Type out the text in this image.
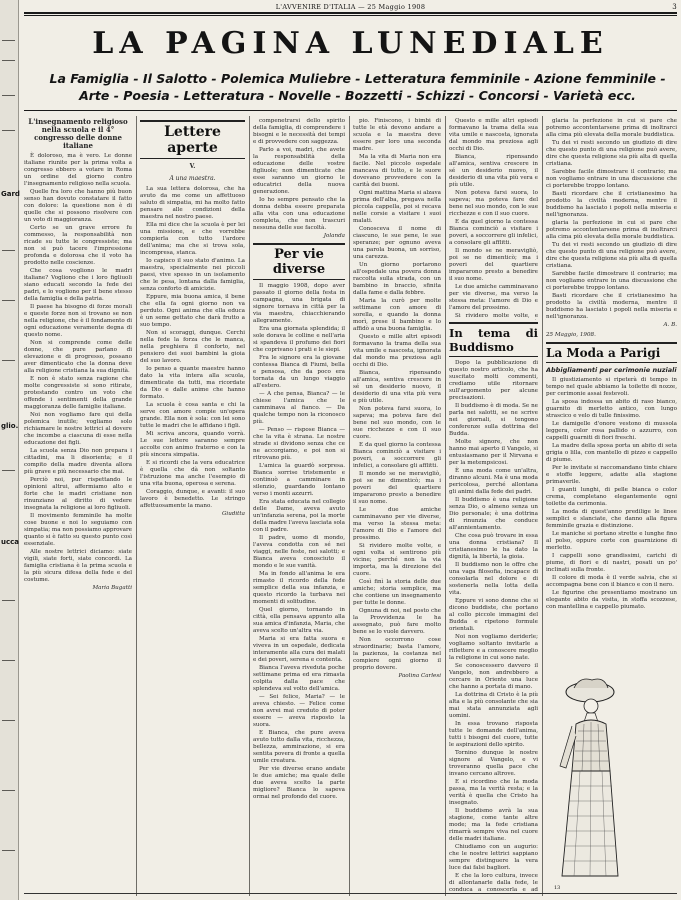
Gard
glio.
ucca
L'AVVENIRE D'ITALIA — 25 Maggio 1908	3
LA PAGINA LUNEDIALE
La Famiglia - Il Salotto - Polemica Muliebre - Letteratura femminile - Azione femminile - Arte - Poesia - Letteratura - Novelle - Bozzetti - Schizzi - Concorsi - Varietà ecc.

L'insegnamento religioso nella scuola e il 4° congresso delle donne italiane

È doloroso, ma è vero. Le donne italiane riunite per la prima volta a congresso ebbero a votare in Roma un ordine del giorno contro l'insegnamento religioso nella scuola.

Quelle fra loro che hanno più buon senso han dovuto constatare il fatto con dolore: la questione non è di quelle che si possono risolvere con un voto di maggioranza.

Certo se un grave errore fu commesso, la responsabilità non ricade su tutte le congressiste; ma non si può tacere l'impressione profonda e dolorosa che il voto ha prodotto nelle coscienze.

Che cosa vogliono le madri italiane? Vogliono che i loro figliuoli siano educati secondo la fede dei padri, e lo vogliono per il bene stesso della famiglia e della patria.

Il paese ha bisogno di forze morali e queste forze non si trovano se non nella religione, che è il fondamento di ogni educazione veramente degna di questo nome.

Non si comprende come delle donne, che pure parlano di elevazione e di progresso, possano aver dimenticato che la donna deve alla religione cristiana la sua dignità.

E non è stato senza ragione che molte congressiste si sono ritirate, protestando contro un voto che offende i sentimenti della grande maggioranza delle famiglie italiane.

Noi non vogliamo fare qui della polemica inutile; vogliamo solo richiamare le nostre lettrici al dovere che incombe a ciascuna di esse nella educazione dei figli.

La scuola senza Dio non prepara i cittadini, ma li disorienta; e il compito della madre diventa allora più grave e più necessario che mai.

Perciò noi, pur rispettando le opinioni altrui, affermiamo alto e forte che le madri cristiane non rinunziano al diritto di vedere insegnata la religione ai loro figliuoli.

Il movimento femminile ha molte cose buone e noi lo seguiamo con simpatia; ma non possiamo approvare quanto si è fatto su questo punto così essenziale.

Alle nostre lettrici diciamo: siate vigili, siate forti, siate concordi. La famiglia cristiana è la prima scuola e la più sicura difesa della fede e del costume.

Maria Bugatti

Lettere aperte

V.

A una maestra.

La sua lettera dolorosa, che ha avuto da me come un affettuoso saluto di simpatia, mi ha molto fatto pensare alle condizioni della maestra nel nostro paese.

Ella mi dice che la scuola è per lei una missione, e che vorrebbe compierla con tutto l'ardore dell'anima; ma che si trova sola, incompresa, stanca.

Io capisco il suo stato d'animo. La maestra, specialmente nei piccoli paesi, vive spesso in un isolamento che le pesa, lontana dalla famiglia, senza conforto di amicizie.

Eppure, mia buona amica, il bene che ella fa ogni giorno non va perduto. Ogni anima che ella educa è un seme gettato che darà frutto a suo tempo.

Non si scoraggi, dunque. Cerchi nella fede la forza che le manca, nella preghiera il conforto, nel pensiero dei suoi bambini la gioia del suo lavoro.

Io penso a quante maestre hanno dato la vita intera alla scuola, dimenticate da tutti, ma ricordate da Dio e dalle anime che hanno formato.

La scuola è cosa santa e chi la serve con amore compie un'opera grande. Ella non è sola: con lei sono tutte le madri che le affidano i figli.

Mi scriva ancora, quando vorrà. Le sue lettere saranno sempre accolte con animo fraterno e con la più sincera simpatia.

E si ricordi che la vera educatrice è quella che dà non soltanto l'istruzione ma anche l'esempio di una vita buona, operosa e serena.

Coraggio, dunque, e avanti: il suo lavoro è benedetto. Le stringo affettuosamente la mano.

Giuditta

compenetrarsi dello spirito della famiglia, di comprendere i bisogni e le necessità dei tempi e di provvedere con saggezza.

Parlo a voi, madri, che avete la responsabilità della educazione delle vostre figliuole; non dimenticate che esse saranno un giorno le educatrici della nuova generazione.

Io ho sempre pensato che la donna debba essere preparata alla vita con una educazione completa, che non trascuri nessuna delle sue facoltà.

Jolanda

Per vie diverse

Il maggio 1908, dopo aver passato il giorno della festa in campagna, una brigata di signore tornava in città per la via maestra, chiacchierando allegramente.

Era una giornata splendida; il sole dorava le colline e nell'aria si spandeva il profumo dei fiori che coprivano i prati e le siepi.

Fra le signore era la giovane contessa Bianca di Fiumi, bella e pensosa, che da poco era tornata da un lungo viaggio all'estero.

— A che pensa, Bianca? — le chiese l'amica che le camminava al fianco. — Da qualche tempo non la riconosco più.

— Penso — rispose Bianca — che la vita è strana. Le nostre strade si dividono senza che ce ne accorgiamo, e poi non si ritrovano più.

L'amica la guardò sorpresa. Bianca sorrise tristemente e continuò a camminare in silenzio, guardando lontano verso i monti azzurri.

Era stata educata nel collegio delle Dame, aveva avuto un'infanzia serena, poi la morte della madre l'aveva lasciata sola con il padre.

Il padre, uomo di mondo, l'aveva condotta con sé nei viaggi, nelle feste, nei salotti; e Bianca aveva conosciuto il mondo e le sue vanità.

Ma in fondo all'anima le era rimasto il ricordo della fede semplice della sua infanzia, e questo ricordo la turbava nei momenti di solitudine.

Quel giorno, tornando in città, ella pensava appunto alla sua amica d'infanzia, Maria, che aveva scelto un'altra via.

Maria si era fatta suora e viveva in un ospedale, dedicata interamente alla cura dei malati e dei poveri, serena e contenta.

Bianca l'aveva riveduta poche settimane prima ed era rimasta colpita dalla pace che splendeva sul volto dell'amica.

— Sei felice, Maria? — le aveva chiesto. — Felice come non avrei mai creduto di poter essere — aveva risposto la suora.

E Bianca, che pure aveva avuto tutto dalla vita, ricchezza, bellezza, ammirazione, si era sentita povera di fronte a quella umile creatura.

Per vie diverse erano andate le due amiche; ma quale delle due aveva scelto la parte migliore? Bianca lo sapeva ormai nel profondo del cuore.

pio. Finiscono, i bimbi di tutte le età devono andare a scuola e la maestra deve essere per loro una seconda madre.

Ma la vita di Maria non era facile. Nel piccolo ospedale mancava di tutto, e le suore dovevano provvedere con la carità dei buoni.

Ogni mattina Maria si alzava prima dell'alba, pregava nella piccola cappella, poi si recava nelle corsie a visitare i suoi malati.

Conosceva il nome di ciascuno, le sue pene, le sue speranze; per ognuno aveva una parola buona, un sorriso, una carezza.

Un giorno portarono all'ospedale una povera donna raccolta sulla strada, con un bambino in braccio, sfinita dalla fame e dalla febbre.

Maria la curò per molte settimane con amore di sorella, e quando la donna morì, prese il bambino e lo affidò a una buona famiglia.

Questo e mille altri episodi formavano la trama della sua vita umile e nascosta, ignorata dal mondo ma preziosa agli occhi di Dio.

Bianca, ripensando all'amica, sentiva crescere in sé un desiderio nuovo, il desiderio di una vita più vera e più utile.

Non poteva farsi suora, lo sapeva; ma poteva fare del bene nel suo mondo, con le sue ricchezze e con il suo cuore.

E da quel giorno la contessa Bianca cominciò a visitare i poveri, a soccorrere gli infelici, a consolare gli afflitti.

Il mondo se ne meravigliò, poi se ne dimenticò; ma i poveri del quartiere impararono presto a benedire il suo nome.

Le due amiche camminavano per vie diverse, ma verso la stessa meta: l'amore di Dio e l'amore del prossimo.

Si rividero molte volte, e ogni volta si sentirono più vicine; perché non la via importa, ma la direzione del cuore.

Così finì la storia delle due amiche; storia semplice, ma che contiene un insegnamento per tutte le donne.

Ognuna di noi, nel posto che la Provvidenza le ha assegnato, può fare molto bene se lo vuole davvero.

Non occorrono cose straordinarie; basta l'amore, la pazienza, la costanza nel compiere ogni giorno il proprio dovere.

Paolina Carlesi

Questo e mille altri episodi formavano la trama della sua vita umile e nascosta, ignorata dal mondo ma preziosa agli occhi di Dio.

Bianca, ripensando all'amica, sentiva crescere in sé un desiderio nuovo, il desiderio di una vita più vera e più utile.

Non poteva farsi suora, lo sapeva; ma poteva fare del bene nel suo mondo, con le sue ricchezze e con il suo cuore.

E da quel giorno la contessa Bianca cominciò a visitare i poveri, a soccorrere gli infelici, a consolare gli afflitti.

Il mondo se ne meravigliò, poi se ne dimenticò; ma i poveri del quartiere impararono presto a benedire il suo nome.

Le due amiche camminavano per vie diverse, ma verso la stessa meta: l'amore di Dio e l'amore del prossimo.

Si rividero molte volte, e

In tema di Buddismo

Dopo la pubblicazione di questo nostro articolo, che ha suscitato molti commenti, crediamo utile ritornare sull'argomento per alcune precisazioni.

Il buddismo è di moda. Se ne parla nei salotti, se ne scrive nei giornali, si tengono conferenze sulla dottrina del Budda.

Molte signore, che non hanno mai aperto il Vangelo, si entusiasmano per il Nirvana e per la metempsicosi.

È una moda come un'altra, diranno alcuni. Ma è una moda pericolosa, perché allontana gli animi dalla fede dei padri.

Il buddismo è una religione senza Dio, o almeno senza un Dio personale; è una dottrina di rinunzia che conduce all'annientamento.

Che cosa può trovare in essa una donna cristiana? Il cristianesimo le ha dato la dignità, la libertà, la gioia.

Il buddismo non le offre che una vaga filosofia, incapace di consolarla nel dolore e di sostenerla nella lotta della vita.

Eppure vi sono donne che si dicono buddiste, che portano al collo piccole immagini del Budda e ripetono formule orientali.

Noi non vogliamo deriderle; vogliamo soltanto invitarle a riflettere e a conoscere meglio la religione in cui sono nate.

Se conoscessero davvero il Vangelo, non andrebbero a cercare in Oriente una luce che hanno a portata di mano.

La dottrina di Cristo è la più alta e la più consolante che sia mai stata annunziata agli uomini.

In essa trovano risposta tutte le domande dell'anima, tutti i bisogni del cuore, tutte le aspirazioni dello spirito.

Tornino dunque le nostre signore al Vangelo, e vi troveranno quella pace che invano cercano altrove.

E si ricordino che la moda passa, ma la verità resta; e la verità è quella che Cristo ha insegnato.

Il buddismo avrà la sua stagione, come tante altre mode; ma la fede cristiana rimarrà sempre viva nel cuore delle madri italiane.

Chiudiamo con un augurio: che le nostre lettrici sappiano sempre distinguere la vera luce dai falsi bagliori.

E che la loro cultura, invece di allontanarle dalla fede, le conduca a conoscerla e ad

glaria la perfezione in cui si pare che potremo accontentarsene prima di inoltrarci alla cima più elevata della morale buddistica.

Tu dei vi resti secondo un giudizio di dire che questo punto di una religione può avere, dire che questa religione sia più alta di quella cristiana.

Sarebbe facile dimostrare il contrario; ma non vogliamo entrare in una discussione che ci porterebbe troppo lontano.

Basti ricordare che il cristianesimo ha prodotto la civiltà moderna, mentre il buddismo ha lasciato i popoli nella miseria e nell'ignoranza.

glaria la perfezione in cui si pare che potremo accontentarsene prima di inoltrarci alla cima più elevata della morale buddistica.

Tu dei vi resti secondo un giudizio di dire che questo punto di una religione può avere, dire che questa religione sia più alta di quella cristiana.

Sarebbe facile dimostrare il contrario; ma non vogliamo entrare in una discussione che ci porterebbe troppo lontano.

Basti ricordare che il cristianesimo ha prodotto la civiltà moderna, mentre il buddismo ha lasciato i popoli nella miseria e nell'ignoranza.

A. B.

25 Maggio, 1908.

La Moda a Parigi
Abbigliamenti per cerimonie nuziali

Il giustiziamento si ripeterà di tempo in tempo nel quale abbiamo la toilette di nozze, per cerimonie assai festevoli.

La sposa indossa un abito di raso bianco, guarnito di merletto antico, con lungo strascico e velo di tulle finissimo.

Le damigelle d'onore vestono di mussola leggera, color rosa pallido o azzurro, con cappelli guarniti di fiori freschi.

La madre della sposa porta un abito di seta grigia o lilla, con mantello di pizzo e cappello di piume.

Per le invitate si raccomandano tinte chiare e stoffe leggere, adatte alla stagione primaverile.

I guanti lunghi, di pelle bianca o color crema, completano elegantemente ogni toilette da cerimonia.

La moda di quest'anno predilige le linee semplici e slanciate, che danno alla figura femminile grazia e distinzione.

Le maniche si portano strette e lunghe fino al polso, oppure corte con guarnizione di merletto.

I cappelli sono grandissimi, carichi di piume, di fiori e di nastri, posati un po' inclinati sulla fronte.

Il colore di moda è il verde salvia, che si accompagna bene con il bianco e con il nero.

Le figurine che presentiamo mostrano un elegante abito da visita, in stoffa scozzese, con mantellina e cappello piumato.

13
